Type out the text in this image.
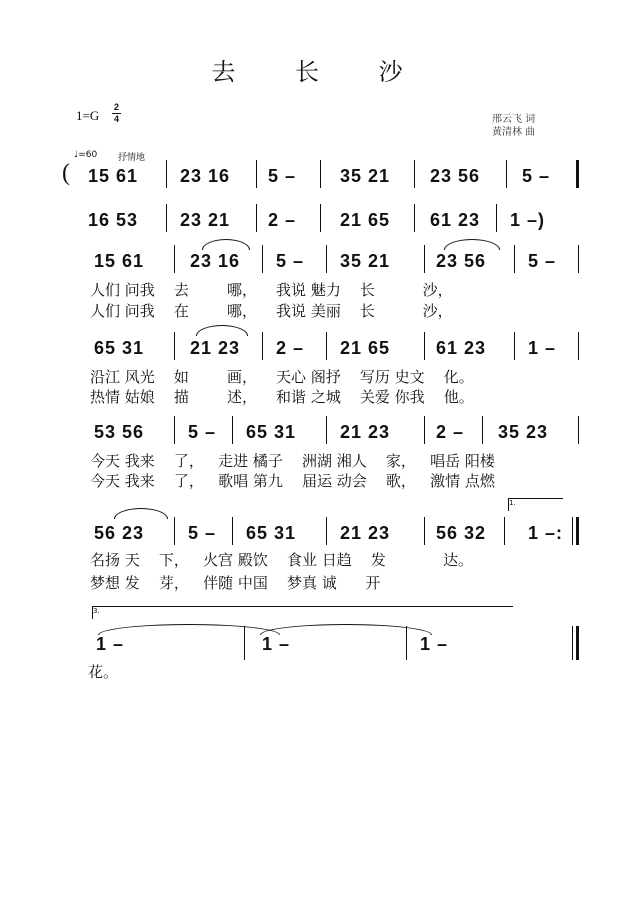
去 长 沙
1=G
2
4	邢云飞 词
黄清林 曲
♩=60 抒情地
( 15 61 23 16 5 – 35 21 23 56 5 –
16 53 23 21 2 – 21 65 61 23 1 –)
15 61	23 16 5 – 35 21	23 56 5 –
人们 问我    去        哪，    我说 魅力    长          沙，
人们 问我    在        哪，    我说 美丽    长          沙，
65 31	21 23 2 – 21 65	61 23 1 –
沿江 风光    如        画，    天心 阁抒    写历 史文    化。
热情 姑娘    描        述，    和谐 之城    关爱 你我    他。
53 56 5 – 65 31 21 23	2 – 35 23
今天 我来    了，   走进 橘子    洲湖 湘人    家，   唱岳 阳楼
今天 我来    了，   歌唱 第九    届运 动会    歌，   激情 点燃
1.
56 23 5 – 65 31 21 23	56 32 1 –:
名扬 天    下，   火宫 殿饮    食业 日趋    发            达。
梦想 发    芽，   伴随 中国    梦真 诚      开
3.
1 –	1 –	1 –
花。
